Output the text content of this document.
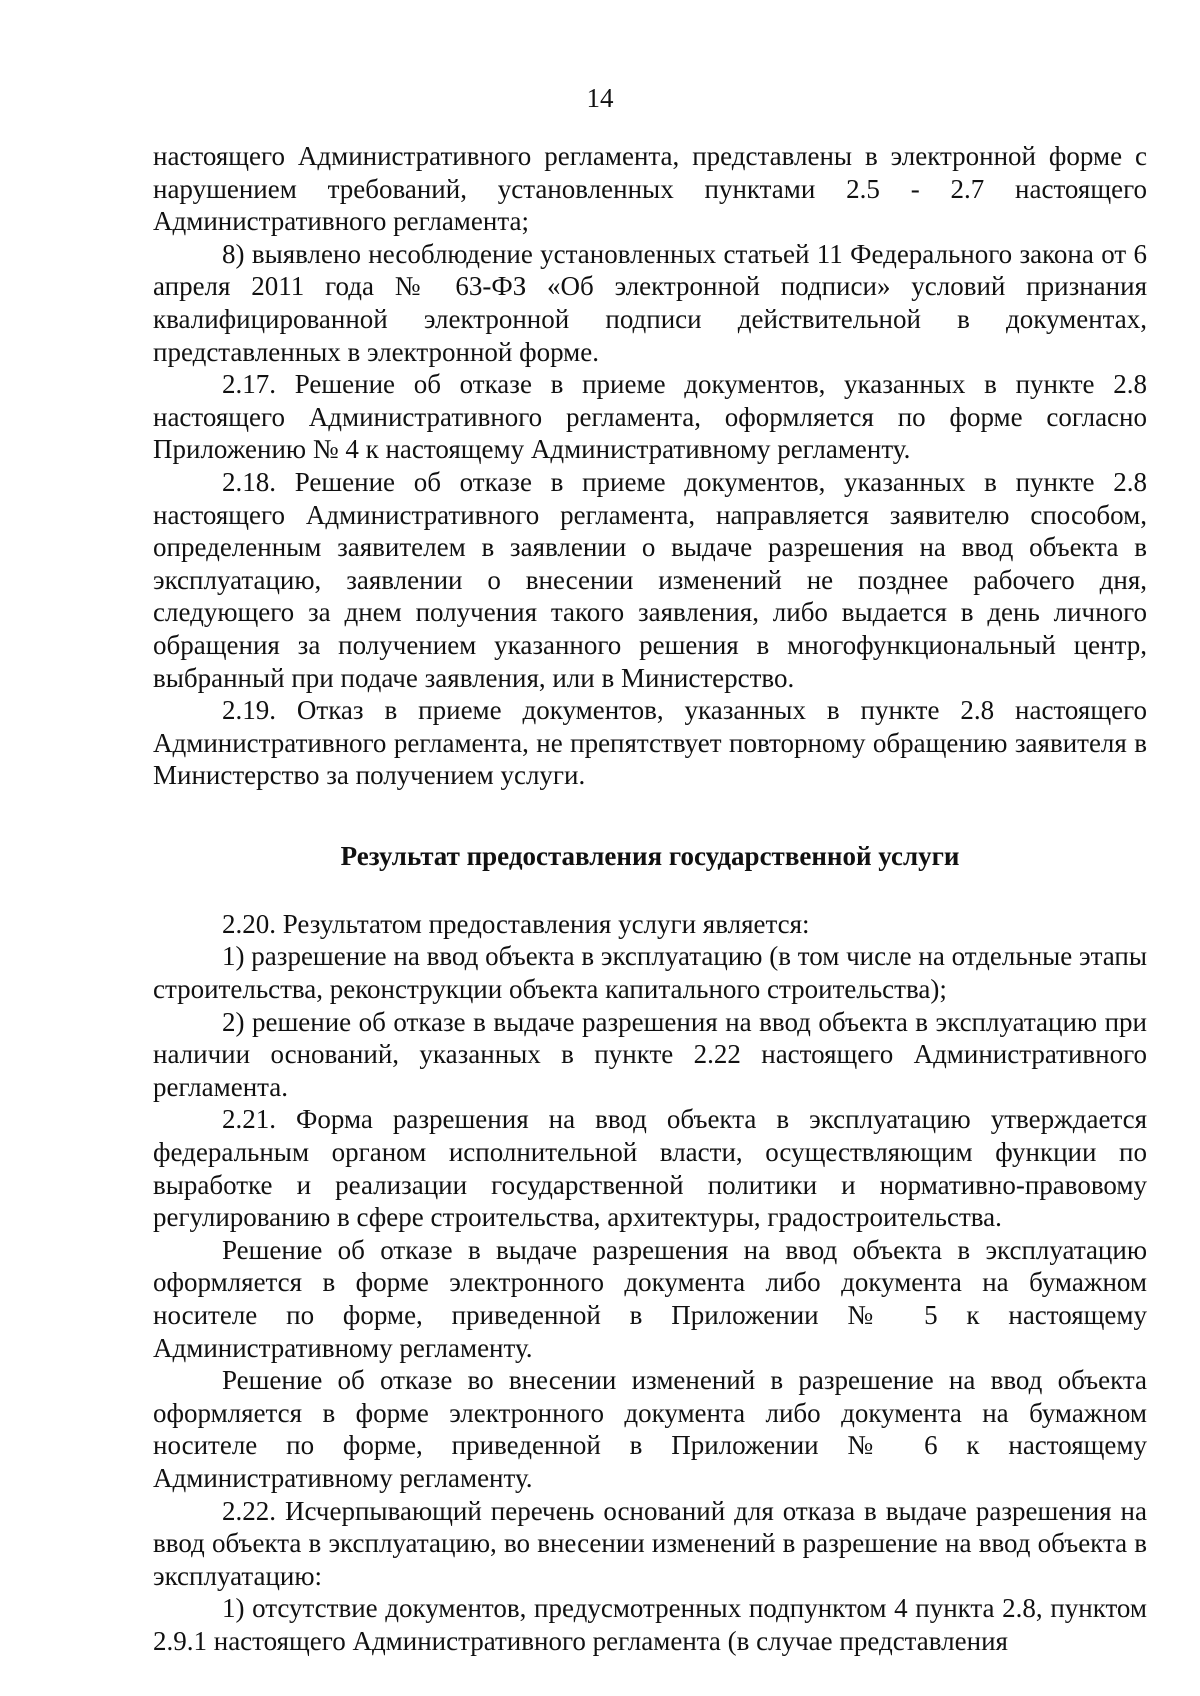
14

настоящего Административного регламента, представлены в электронной форме с нарушением требований, установленных пунктами 2.5 - 2.7 настоящего Административного регламента;

8) выявлено несоблюдение установленных статьей 11 Федерального закона от 6 апреля 2011 года № 63-ФЗ «Об электронной подписи» условий признания квалифицированной электронной подписи действительной в документах, представленных в электронной форме.

2.17. Решение об отказе в приеме документов, указанных в пункте 2.8 настоящего Административного регламента, оформляется по форме согласно Приложению № 4 к настоящему Административному регламенту.

2.18. Решение об отказе в приеме документов, указанных в пункте 2.8 настоящего Административного регламента, направляется заявителю способом, определенным заявителем в заявлении о выдаче разрешения на ввод объекта в эксплуатацию, заявлении о внесении изменений не позднее рабочего дня, следующего за днем получения такого заявления, либо выдается в день личного обращения за получением указанного решения в многофункциональный центр, выбранный при подаче заявления, или в Министерство.

2.19. Отказ в приеме документов, указанных в пункте 2.8 настоящего Административного регламента, не препятствует повторному обращению заявителя в Министерство за получением услуги.

Результат предоставления государственной услуги

2.20. Результатом предоставления услуги является:

1) разрешение на ввод объекта в эксплуатацию (в том числе на отдельные этапы строительства, реконструкции объекта капитального строительства);

2) решение об отказе в выдаче разрешения на ввод объекта в эксплуатацию при наличии оснований, указанных в пункте 2.22 настоящего Административного регламента.

2.21. Форма разрешения на ввод объекта в эксплуатацию утверждается федеральным органом исполнительной власти, осуществляющим функции по выработке и реализации государственной политики и нормативно-правовому регулированию в сфере строительства, архитектуры, градостроительства.

Решение об отказе в выдаче разрешения на ввод объекта в эксплуатацию оформляется в форме электронного документа либо документа на бумажном носителе по форме, приведенной в Приложении № 5 к настоящему Административному регламенту.

Решение об отказе во внесении изменений в разрешение на ввод объекта оформляется в форме электронного документа либо документа на бумажном носителе по форме, приведенной в Приложении № 6 к настоящему Административному регламенту.

2.22. Исчерпывающий перечень оснований для отказа в выдаче разрешения на ввод объекта в эксплуатацию, во внесении изменений в разрешение на ввод объекта в эксплуатацию:

1) отсутствие документов, предусмотренных подпунктом 4 пункта 2.8, пунктом 2.9.1 настоящего Административного регламента (в случае представления
